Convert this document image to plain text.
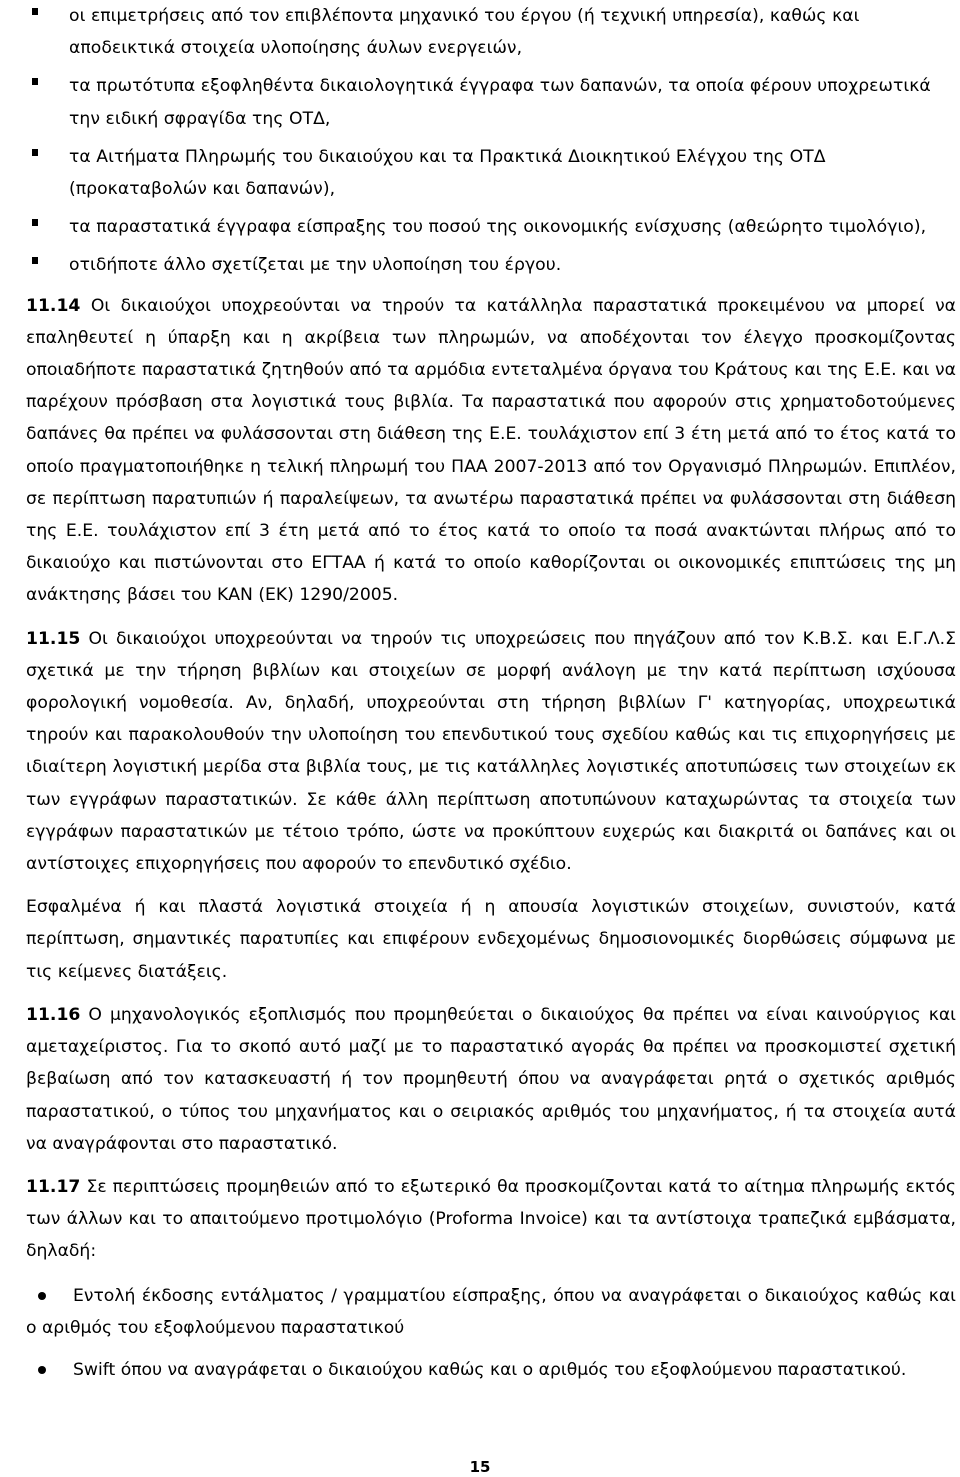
οι επιμετρήσεις από τον επιβλέποντα μηχανικό του έργου (ή τεχνική υπηρεσία), καθώς και αποδεικτικά στοιχεία υλοποίησης άυλων ενεργειών,
τα πρωτότυπα εξοφληθέντα δικαιολογητικά έγγραφα των δαπανών, τα οποία φέρουν υποχρεωτικά την ειδική σφραγίδα της ΟΤΔ,
τα Αιτήματα Πληρωμής του δικαιούχου και τα Πρακτικά Διοικητικού Ελέγχου της ΟΤΔ (προκαταβολών και δαπανών),
τα παραστατικά έγγραφα είσπραξης του ποσού της οικονομικής ενίσχυσης (αθεώρητο τιμολόγιο),
οτιδήποτε άλλο σχετίζεται με την υλοποίηση του έργου.

11.14 Οι δικαιούχοι υποχρεούνται να τηρούν τα κατάλληλα παραστατικά προκειμένου να μπορεί να επαληθευτεί η ύπαρξη και η ακρίβεια των πληρωμών, να αποδέχονται τον έλεγχο προσκομίζοντας οποιαδήποτε παραστατικά ζητηθούν από τα αρμόδια εντεταλμένα όργανα του Κράτους και της Ε.Ε. και να παρέχουν πρόσβαση στα λογιστικά τους βιβλία. Τα παραστατικά που αφορούν στις χρηματοδοτούμενες δαπάνες θα πρέπει να φυλάσσονται στη διάθεση της Ε.Ε. τουλάχιστον επί 3 έτη μετά από το έτος κατά το οποίο πραγματοποιήθηκε η τελική πληρωμή του ΠΑΑ 2007-2013 από τον Οργανισμό Πληρωμών. Επιπλέον, σε περίπτωση παρατυπιών ή παραλείψεων, τα ανωτέρω παραστατικά πρέπει να φυλάσσονται στη διάθεση της Ε.Ε. τουλάχιστον επί 3 έτη μετά από το έτος κατά το οποίο τα ποσά ανακτώνται πλήρως από το δικαιούχο και πιστώνονται στο ΕΓΤΑΑ ή κατά το οποίο καθορίζονται οι οικονομικές επιπτώσεις της μη ανάκτησης βάσει του ΚΑΝ (ΕΚ) 1290/2005.

11.15 Οι δικαιούχοι υποχρεούνται να τηρούν τις υποχρεώσεις που πηγάζουν από τον Κ.Β.Σ. και Ε.Γ.Λ.Σ σχετικά με την τήρηση βιβλίων και στοιχείων σε μορφή ανάλογη με την κατά περίπτωση ισχύουσα φορολογική νομοθεσία. Αν, δηλαδή, υποχρεούνται στη τήρηση βιβλίων Γ' κατηγορίας, υποχρεωτικά τηρούν και παρακολουθούν την υλοποίηση του επενδυτικού τους σχεδίου καθώς και τις επιχορηγήσεις με ιδιαίτερη λογιστική μερίδα στα βιβλία τους, με τις κατάλληλες λογιστικές αποτυπώσεις των στοιχείων εκ των εγγράφων παραστατικών. Σε κάθε άλλη περίπτωση αποτυπώνουν καταχωρώντας τα στοιχεία των εγγράφων παραστατικών με τέτοιο τρόπο, ώστε να προκύπτουν ευχερώς και διακριτά οι δαπάνες και οι αντίστοιχες επιχορηγήσεις που αφορούν το επενδυτικό σχέδιο.

Εσφαλμένα ή και πλαστά λογιστικά στοιχεία ή η απουσία λογιστικών στοιχείων, συνιστούν, κατά περίπτωση, σημαντικές παρατυπίες και επιφέρουν ενδεχομένως δημοσιονομικές διορθώσεις σύμφωνα με τις κείμενες διατάξεις.

11.16 Ο μηχανολογικός εξοπλισμός που προμηθεύεται ο δικαιούχος θα πρέπει να είναι καινούργιος και αμεταχείριστος. Για το σκοπό αυτό μαζί με το παραστατικό αγοράς θα πρέπει να προσκομιστεί σχετική βεβαίωση από τον κατασκευαστή ή τον προμηθευτή όπου να αναγράφεται ρητά ο σχετικός αριθμός παραστατικού, ο τύπος του μηχανήματος και ο σειριακός αριθμός του μηχανήματος, ή τα στοιχεία αυτά να αναγράφονται στο παραστατικό.

11.17 Σε περιπτώσεις προμηθειών από το εξωτερικό θα προσκομίζονται κατά το αίτημα πληρωμής εκτός των άλλων και το απαιτούμενο προτιμολόγιο (Proforma Invoice) και τα αντίστοιχα τραπεζικά εμβάσματα, δηλαδή:

Εντολή έκδοσης εντάλματος / γραμματίου είσπραξης, όπου να αναγράφεται ο δικαιούχος καθώς και ο αριθμός του εξοφλούμενου παραστατικού
Swift όπου να αναγράφεται ο δικαιούχου καθώς και ο αριθμός του εξοφλούμενου παραστατικού.
15
